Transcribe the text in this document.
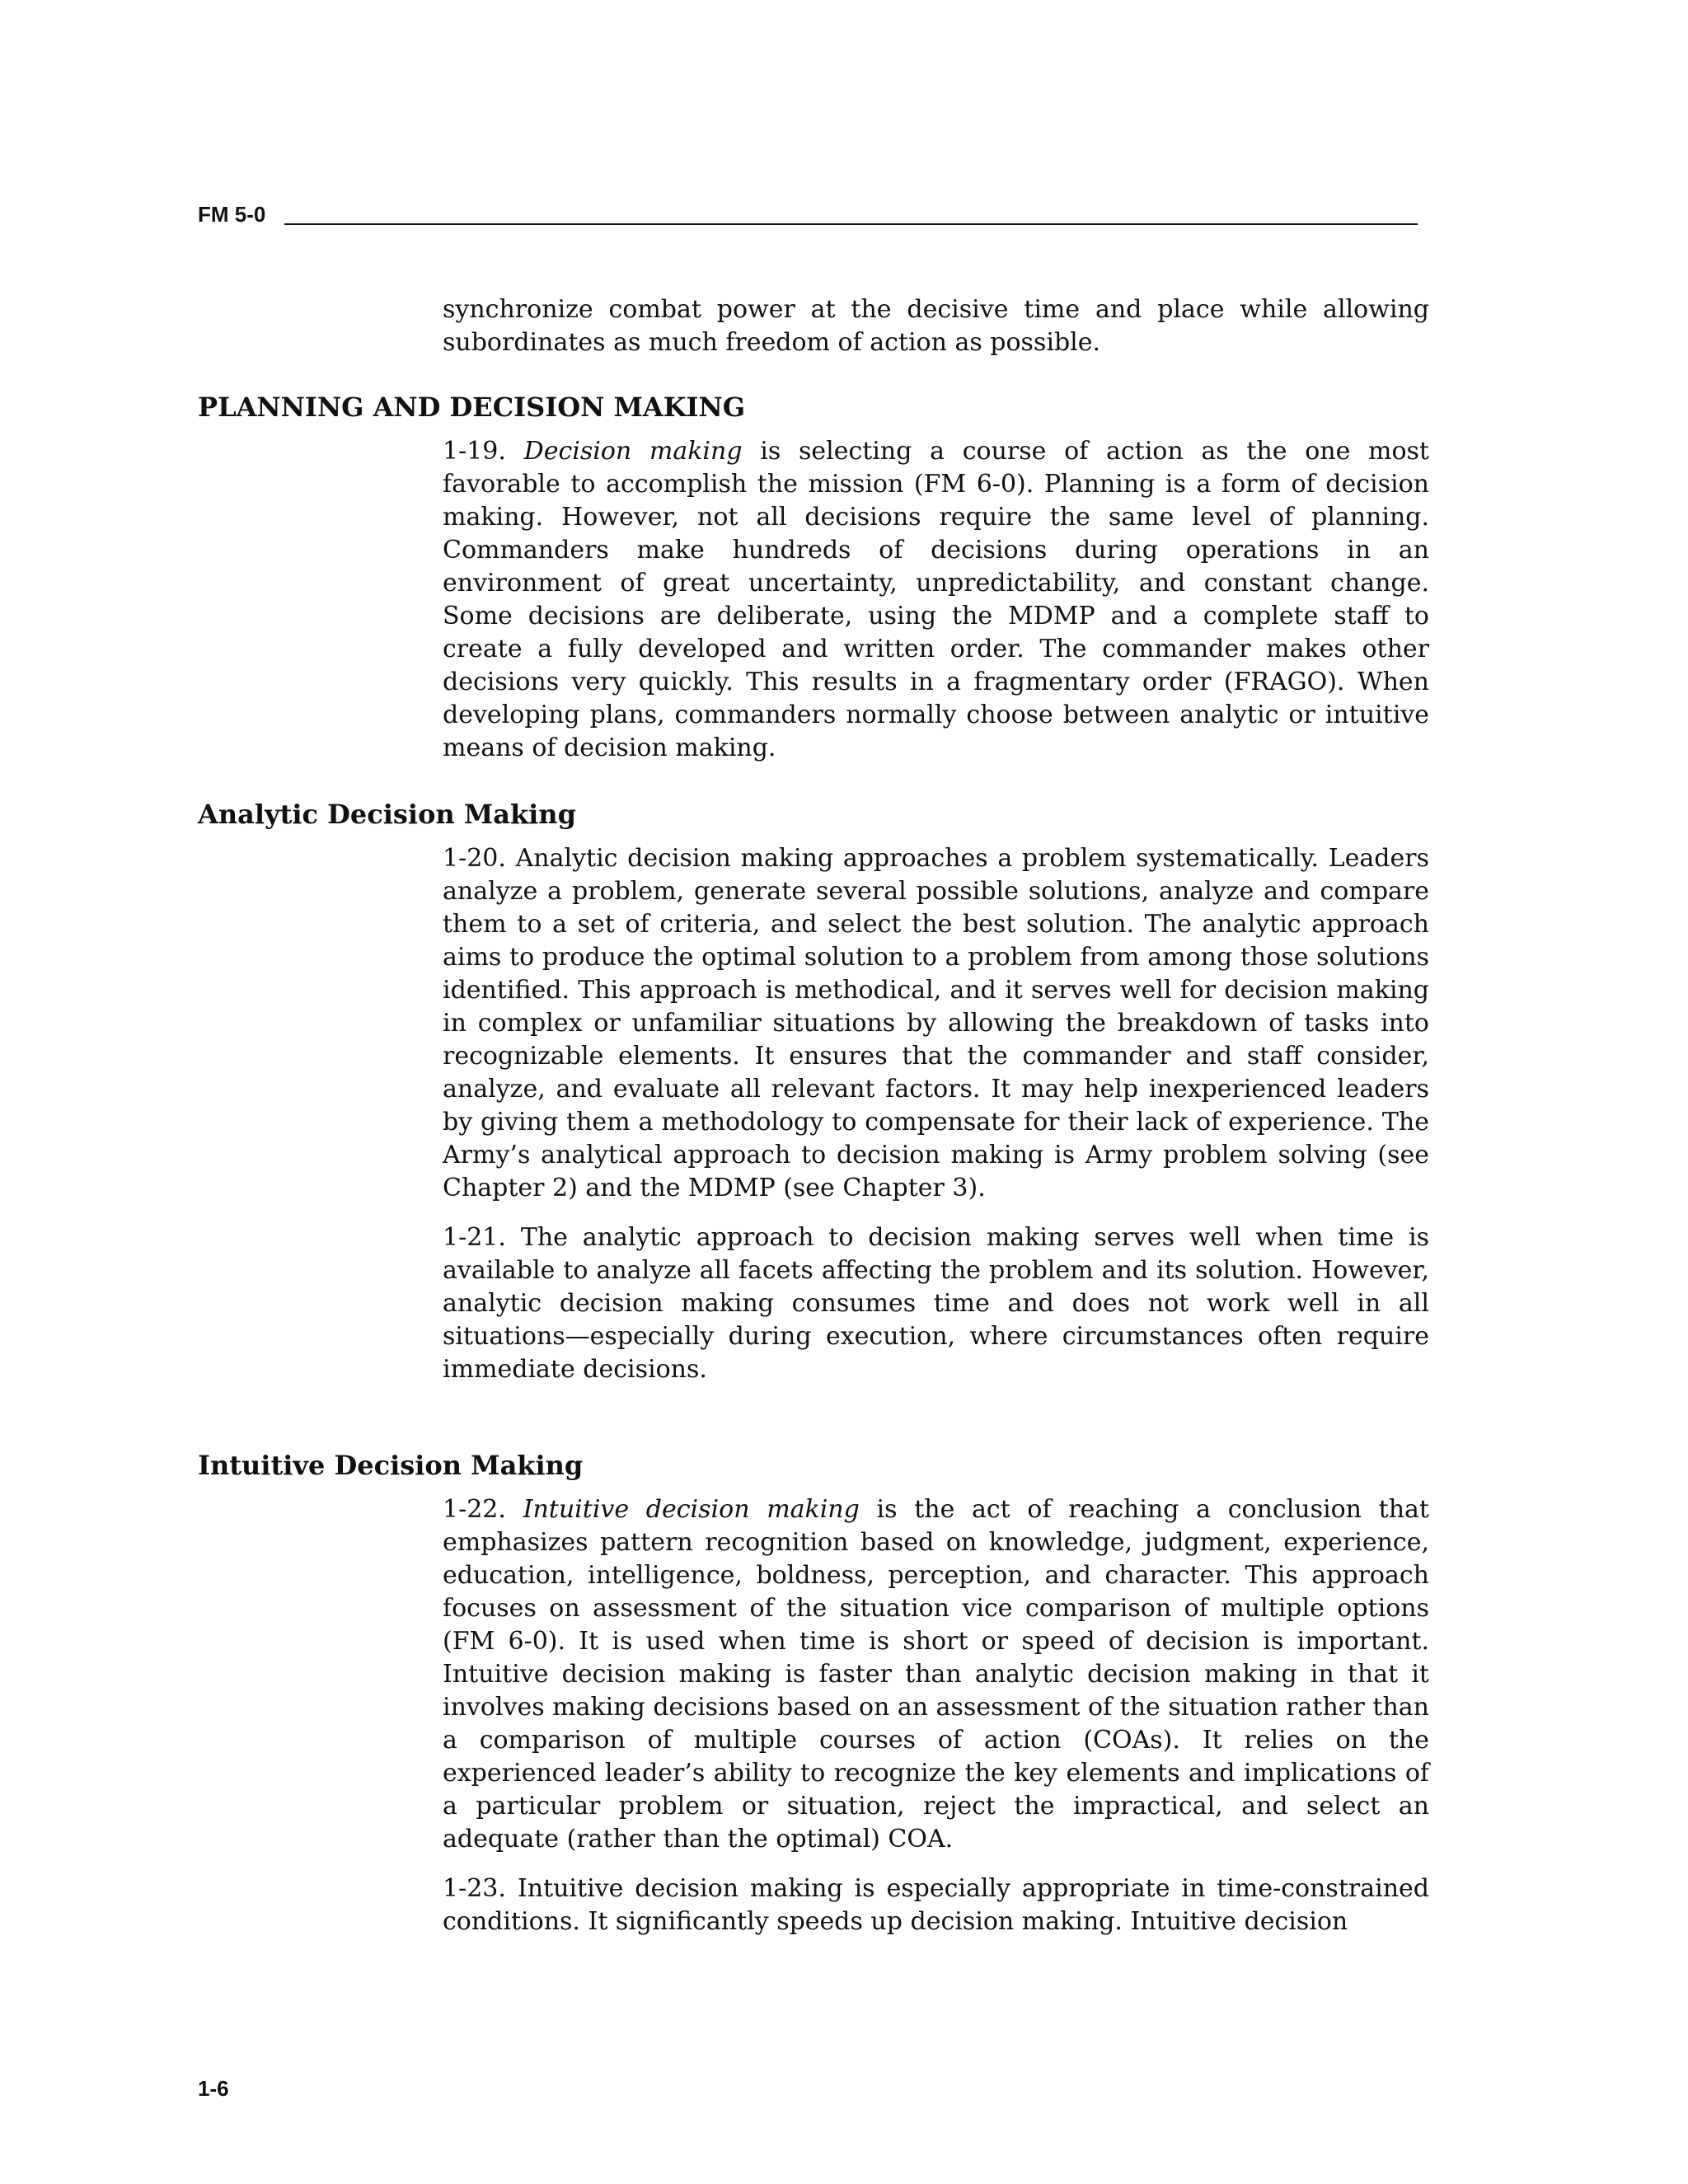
FM 5-0

synchronize combat power at the decisive time and place while allowing subordinates as much freedom of action as possible.

PLANNING AND DECISION MAKING

1-19. Decision making is selecting a course of action as the one most favorable to accomplish the mission (FM 6-0). Planning is a form of decision making. However, not all decisions require the same level of planning. Commanders make hundreds of decisions during operations in an environment of great uncertainty, unpredictability, and constant change. Some decisions are deliberate, using the MDMP and a complete staff to create a fully developed and written order. The commander makes other decisions very quickly. This results in a fragmentary order (FRAGO). When developing plans, commanders normally choose between analytic or intuitive means of decision making.

Analytic Decision Making

1-20. Analytic decision making approaches a problem systematically. Leaders analyze a problem, generate several possible solutions, analyze and compare them to a set of criteria, and select the best solution. The analytic approach aims to produce the optimal solution to a problem from among those solutions identified. This approach is methodical, and it serves well for decision making in complex or unfamiliar situations by allowing the breakdown of tasks into recognizable elements. It ensures that the commander and staff consider, analyze, and evaluate all relevant factors. It may help inexperienced leaders by giving them a methodology to compensate for their lack of experience. The Army’s analytical approach to decision making is Army problem solving (see Chapter 2) and the MDMP (see Chapter 3).

1-21. The analytic approach to decision making serves well when time is available to analyze all facets affecting the problem and its solution. However, analytic decision making consumes time and does not work well in all situations—especially during execution, where circumstances often require immediate decisions.

Intuitive Decision Making

1-22. Intuitive decision making is the act of reaching a conclusion that emphasizes pattern recognition based on knowledge, judgment, experience, education, intelligence, boldness, perception, and character. This approach focuses on assessment of the situation vice comparison of multiple options (FM 6-0). It is used when time is short or speed of decision is important. Intuitive decision making is faster than analytic decision making in that it involves making decisions based on an assessment of the situation rather than a comparison of multiple courses of action (COAs). It relies on the experienced leader’s ability to recognize the key elements and implications of a particular problem or situation, reject the impractical, and select an adequate (rather than the optimal) COA.

1-23. Intuitive decision making is especially appropriate in time-constrained conditions. It significantly speeds up decision making. Intuitive decision

1-6
